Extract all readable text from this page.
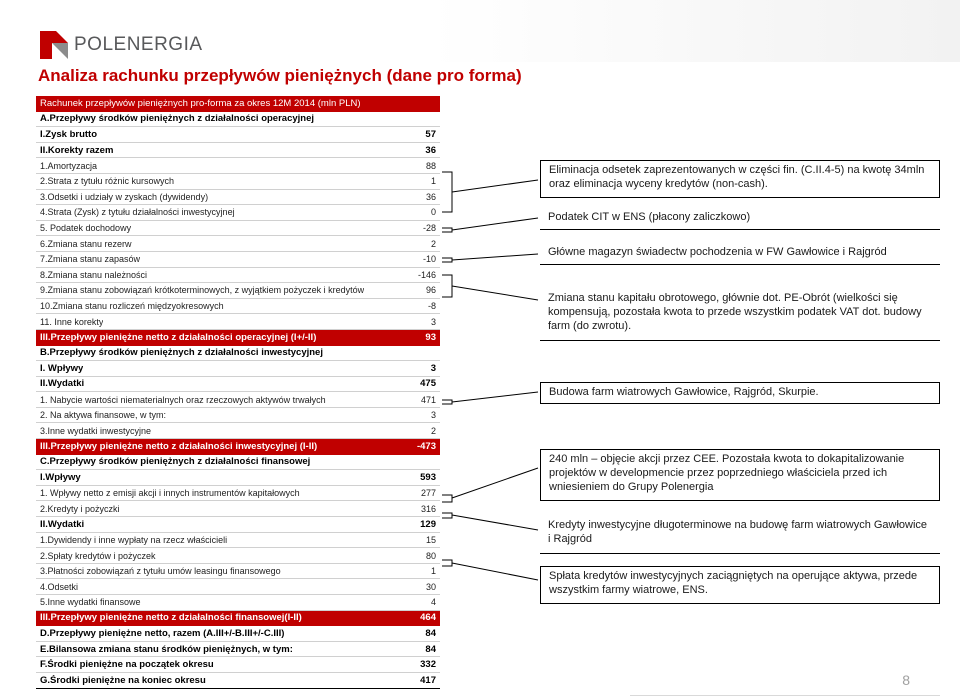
POLENERGIA
Analiza rachunku przepływów pieniężnych (dane pro forma)
Rachunek przepływów pieniężnych pro-forma za okres 12M 2014 (mln PLN)
A.Przepływy środków pieniężnych z działalności operacyjnej
I.Zysk brutto	57
II.Korekty razem	36
1.Amortyzacja	88
2.Strata z tytułu różnic kursowych	1
3.Odsetki i udziały w zyskach (dywidendy)	36
4.Strata (Zysk) z tytułu działalności inwestycyjnej	0
5. Podatek dochodowy	-28
6.Zmiana stanu rezerw	2
7.Zmiana stanu zapasów	-10
8.Zmiana stanu należności	-146
9.Zmiana stanu zobowiązań krótkoterminowych, z wyjątkiem pożyczek i kredytów	96
10.Zmiana stanu rozliczeń międzyokresowych	-8
11. Inne korekty	3
III.Przepływy pieniężne netto z działalności operacyjnej (I+/-II)	93
B.Przepływy środków pieniężnych z działalności inwestycyjnej
I. Wpływy	3
II.Wydatki	475
1. Nabycie wartości niematerialnych oraz rzeczowych aktywów trwałych	471
2. Na aktywa finansowe, w tym:	3
3.Inne wydatki inwestycyjne	2
III.Przepływy pieniężne netto z działalności inwestycyjnej (I-II)	-473
C.Przepływy środków pieniężnych z działalności finansowej
I.Wpływy	593
1. Wpływy netto z emisji akcji i innych instrumentów kapitałowych	277
2.Kredyty i pożyczki	316
II.Wydatki	129
1.Dywidendy i inne wypłaty na rzecz właścicieli	15
2.Spłaty kredytów i pożyczek	80
3.Płatności zobowiązań z tytułu umów leasingu finansowego	1
4.Odsetki	30
5.Inne wydatki finansowe	4
III.Przepływy pieniężne netto z działalności finansowej(I-II)	464
D.Przepływy pieniężne netto, razem (A.III+/-B.III+/-C.III)	84
E.Bilansowa zmiana stanu środków pieniężnych, w tym:	84
F.Środki pieniężne na początek okresu	332
G.Środki pieniężne na koniec okresu	417
Eliminacja odsetek zaprezentowanych w części fin. (C.II.4-5) na kwotę 34mln oraz eliminacja wyceny kredytów (non-cash).
Podatek CIT w ENS (płacony zaliczkowo)
Główne magazyn świadectw pochodzenia w FW Gawłowice i Rajgród
Zmiana stanu kapitału obrotowego, głównie dot. PE-Obrót (wielkości się kompensują, pozostała kwota to przede wszystkim podatek VAT dot. budowy farm (do zwrotu).
Budowa farm wiatrowych Gawłowice, Rajgród, Skurpie.
240 mln – objęcie akcji przez CEE. Pozostała kwota to dokapitalizowanie projektów w developmencie przez poprzedniego właściciela przed ich wniesieniem do Grupy Polenergia
Kredyty inwestycyjne długoterminowe na budowę farm wiatrowych Gawłowice i Rajgród
Spłata kredytów inwestycyjnych zaciągniętych na operujące aktywa, przede wszystkim farmy wiatrowe, ENS.
8
